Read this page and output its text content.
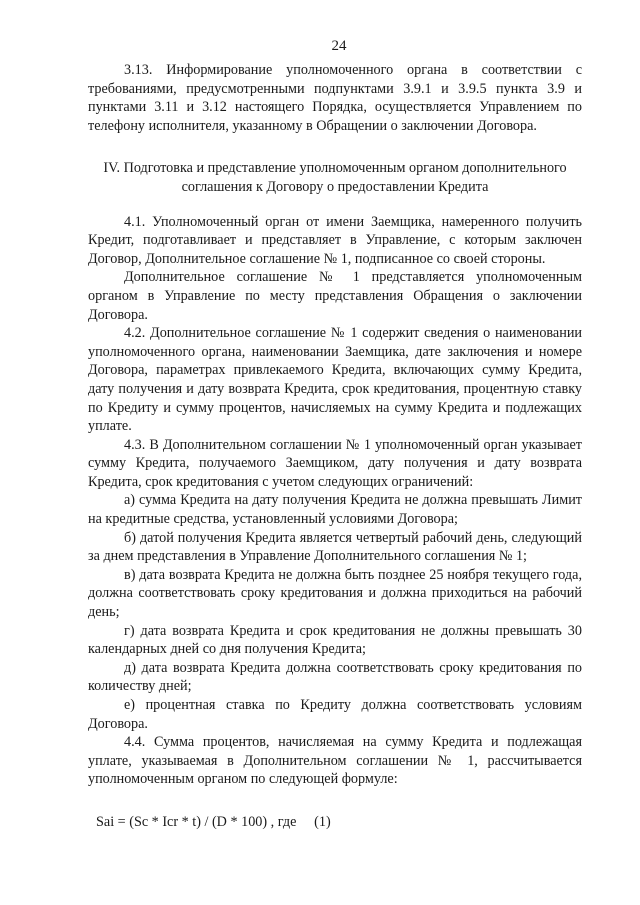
24

3.13. Информирование уполномоченного органа в соответствии с требованиями, предусмотренными подпунктами 3.9.1 и 3.9.5 пункта 3.9 и пунктами 3.11 и 3.12 настоящего Порядка, осуществляется Управлением по телефону исполнителя, указанному в Обращении о заключении Договора.

IV. Подготовка и представление уполномоченным органом дополнительного соглашения к Договору о предоставлении Кредита

4.1. Уполномоченный орган от имени Заемщика, намеренного получить Кредит, подготавливает и представляет в Управление, с которым заключен Договор, Дополнительное соглашение № 1, подписанное со своей стороны.

Дополнительное соглашение № 1 представляется уполномоченным органом в Управление по месту представления Обращения о заключении Договора.

4.2. Дополнительное соглашение № 1 содержит сведения о наименовании уполномоченного органа, наименовании Заемщика, дате заключения и номере Договора, параметрах привлекаемого Кредита, включающих сумму Кредита, дату получения и дату возврата Кредита, срок кредитования, процентную ставку по Кредиту и сумму процентов, начисляемых на сумму Кредита и подлежащих уплате.

4.3. В Дополнительном соглашении № 1 уполномоченный орган указывает сумму Кредита, получаемого Заемщиком, дату получения и дату возврата Кредита, срок кредитования с учетом следующих ограничений:

а) сумма Кредита на дату получения Кредита не должна превышать Лимит на кредитные средства, установленный условиями Договора;

б) датой получения Кредита является четвертый рабочий день, следующий за днем представления в Управление Дополнительного соглашения № 1;

в) дата возврата Кредита не должна быть позднее 25 ноября текущего года, должна соответствовать сроку кредитования и должна приходиться на рабочий день;

г) дата возврата Кредита и срок кредитования не должны превышать 30 календарных дней со дня получения Кредита;

д) дата возврата Кредита должна соответствовать сроку кредитования по количеству дней;

е) процентная ставка по Кредиту должна соответствовать условиям Договора.

4.4. Сумма процентов, начисляемая на сумму Кредита и подлежащая уплате, указываемая в Дополнительном соглашении № 1, рассчитывается уполномоченным органом по следующей формуле:

Sai = (Sc * Icr * t) / (D * 100) , где (1)
